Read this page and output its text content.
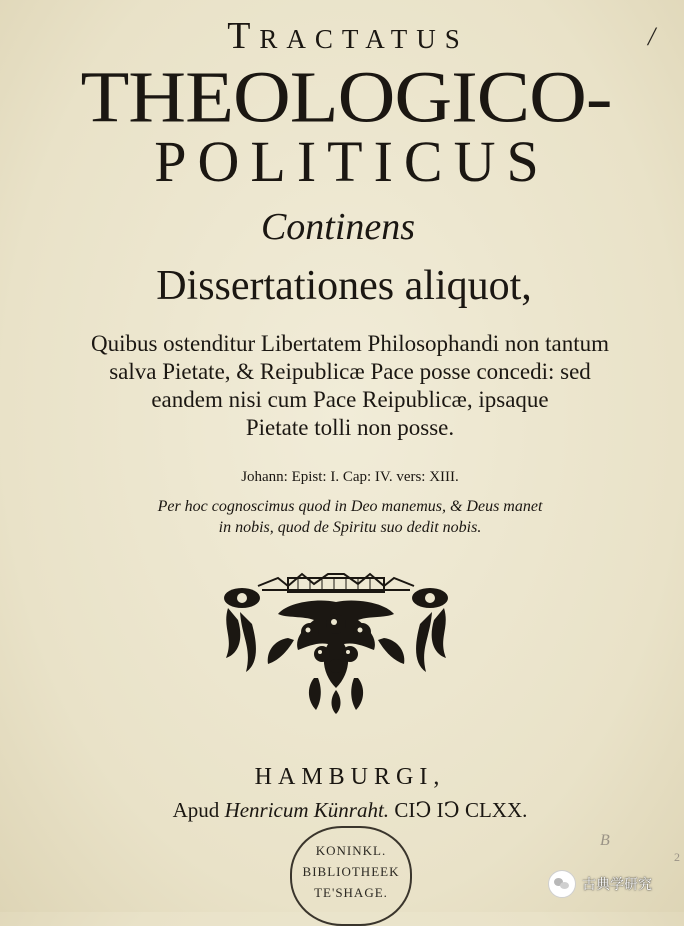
/
Tractatus
THEOLOGICO-
POLITICUS
Continens
Dissertationes aliquot,
Quibus ostenditur Libertatem Philosophandi non tantum
salva Pietate, & Reipublicæ Pace posse concedi: sed
eandem nisi cum Pace Reipublicæ, ipsaque
Pietate tolli non posse.
Johann: Epist: I. Cap: IV. vers: XIII.
Per hoc cognoscimus quod in Deo manemus, & Deus manet
in nobis, quod de Spiritu suo dedit nobis.
HAMBURGI,
Apud Henricum Künraht. CIↃ IↃ CLXX.
KONINKL.
BIBLIOTHEEK
TE'SHAGE.
B
2
古典学研究
